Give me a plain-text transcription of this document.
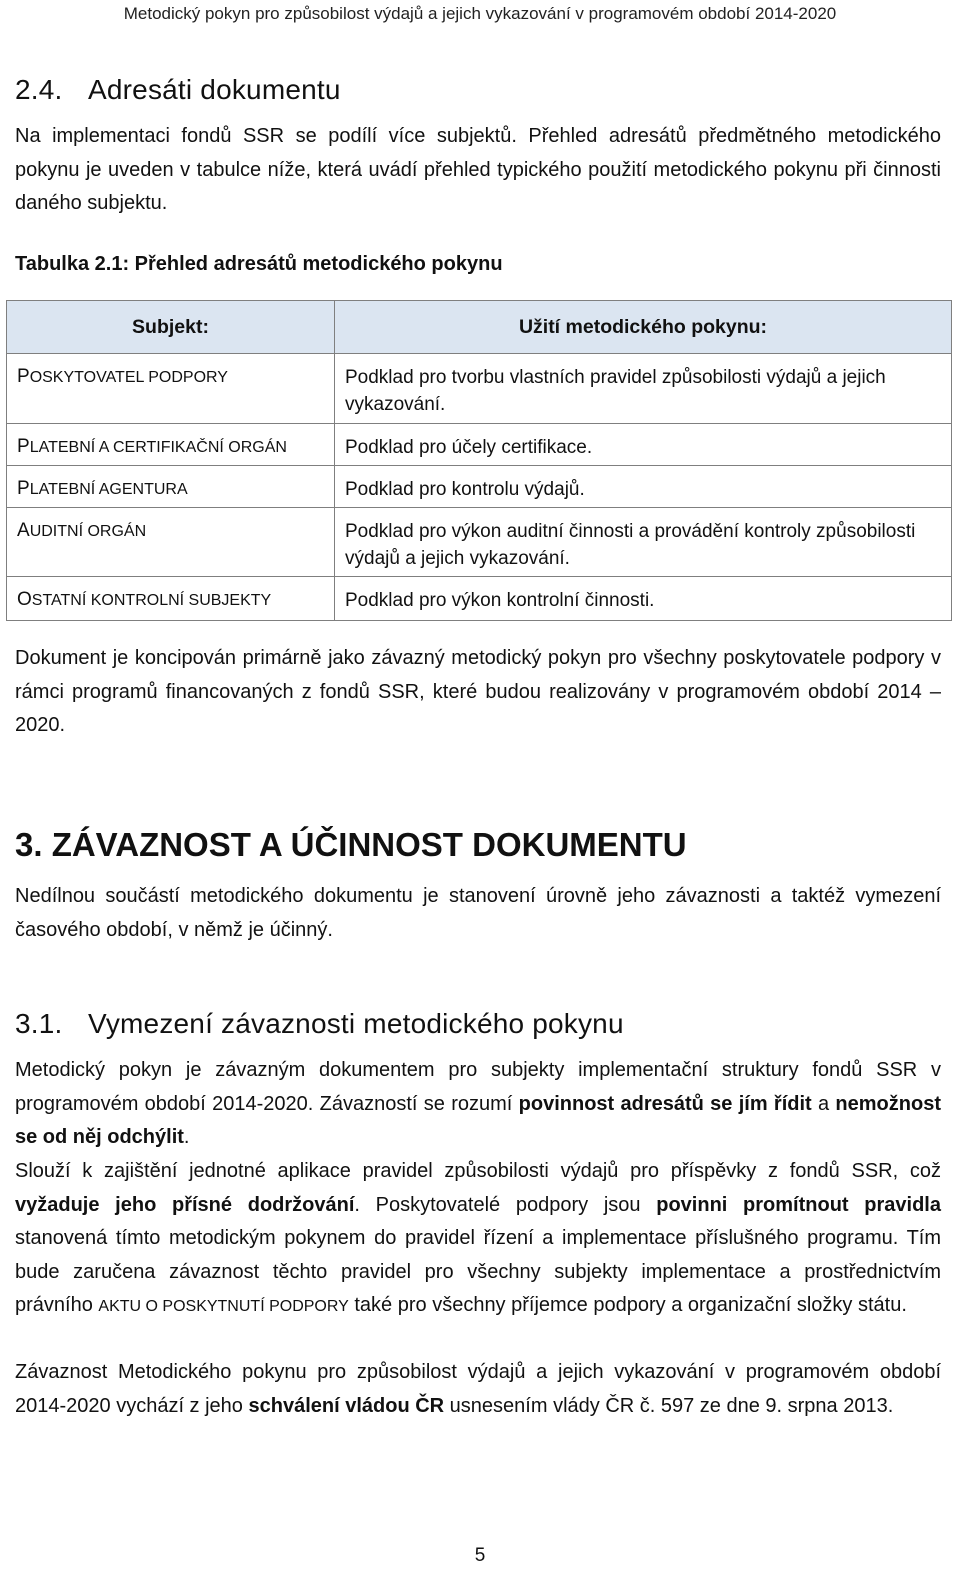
Metodický pokyn pro způsobilost výdajů a jejich vykazování v programovém období 2014-2020
2.4. Adresáti dokumentu

Na implementaci fondů SSR se podílí více subjektů. Přehled adresátů předmětného metodického pokynu je uveden v tabulce níže, která uvádí přehled typického použití metodického pokynu při činnosti daného subjektu.

Tabulka 2.1: Přehled adresátů metodického pokynu

Subjekt:	Užití metodického pokynu:
POSKYTOVATEL PODPORY	Podklad pro tvorbu vlastních pravidel způsobilosti výdajů a jejich vykazování.
PLATEBNÍ A CERTIFIKAČNÍ ORGÁN	Podklad pro účely certifikace.
PLATEBNÍ AGENTURA	Podklad pro kontrolu výdajů.
AUDITNÍ ORGÁN	Podklad pro výkon auditní činnosti a provádění kontroly způsobilosti výdajů a jejich vykazování.
OSTATNÍ KONTROLNÍ SUBJEKTY	Podklad pro výkon kontrolní činnosti.

Dokument je koncipován primárně jako závazný metodický pokyn pro všechny poskytovatele podpory v rámci programů financovaných z fondů SSR, které budou realizovány v programovém období 2014 – 2020.

3. ZÁVAZNOST A ÚČINNOST DOKUMENTU

Nedílnou součástí metodického dokumentu je stanovení úrovně jeho závaznosti a taktéž vymezení časového období, v němž je účinný.

3.1. Vymezení závaznosti metodického pokynu

Metodický pokyn je závazným dokumentem pro subjekty implementační struktury fondů SSR v programovém období 2014-2020. Závazností se rozumí povinnost adresátů se jím řídit a nemožnost se od něj odchýlit.

Slouží k zajištění jednotné aplikace pravidel způsobilosti výdajů pro příspěvky z fondů SSR, což vyžaduje jeho přísné dodržování. Poskytovatelé podpory jsou povinni promítnout pravidla stanovená tímto metodickým pokynem do pravidel řízení a implementace příslušného programu. Tím bude zaručena závaznost těchto pravidel pro všechny subjekty implementace a prostřednictvím právního AKTU O POSKYTNUTÍ PODPORY také pro všechny příjemce podpory a organizační složky státu.

Závaznost Metodického pokynu pro způsobilost výdajů a jejich vykazování v programovém období 2014-2020 vychází z jeho schválení vládou ČR usnesením vlády ČR č. 597 ze dne 9. srpna 2013.

5
